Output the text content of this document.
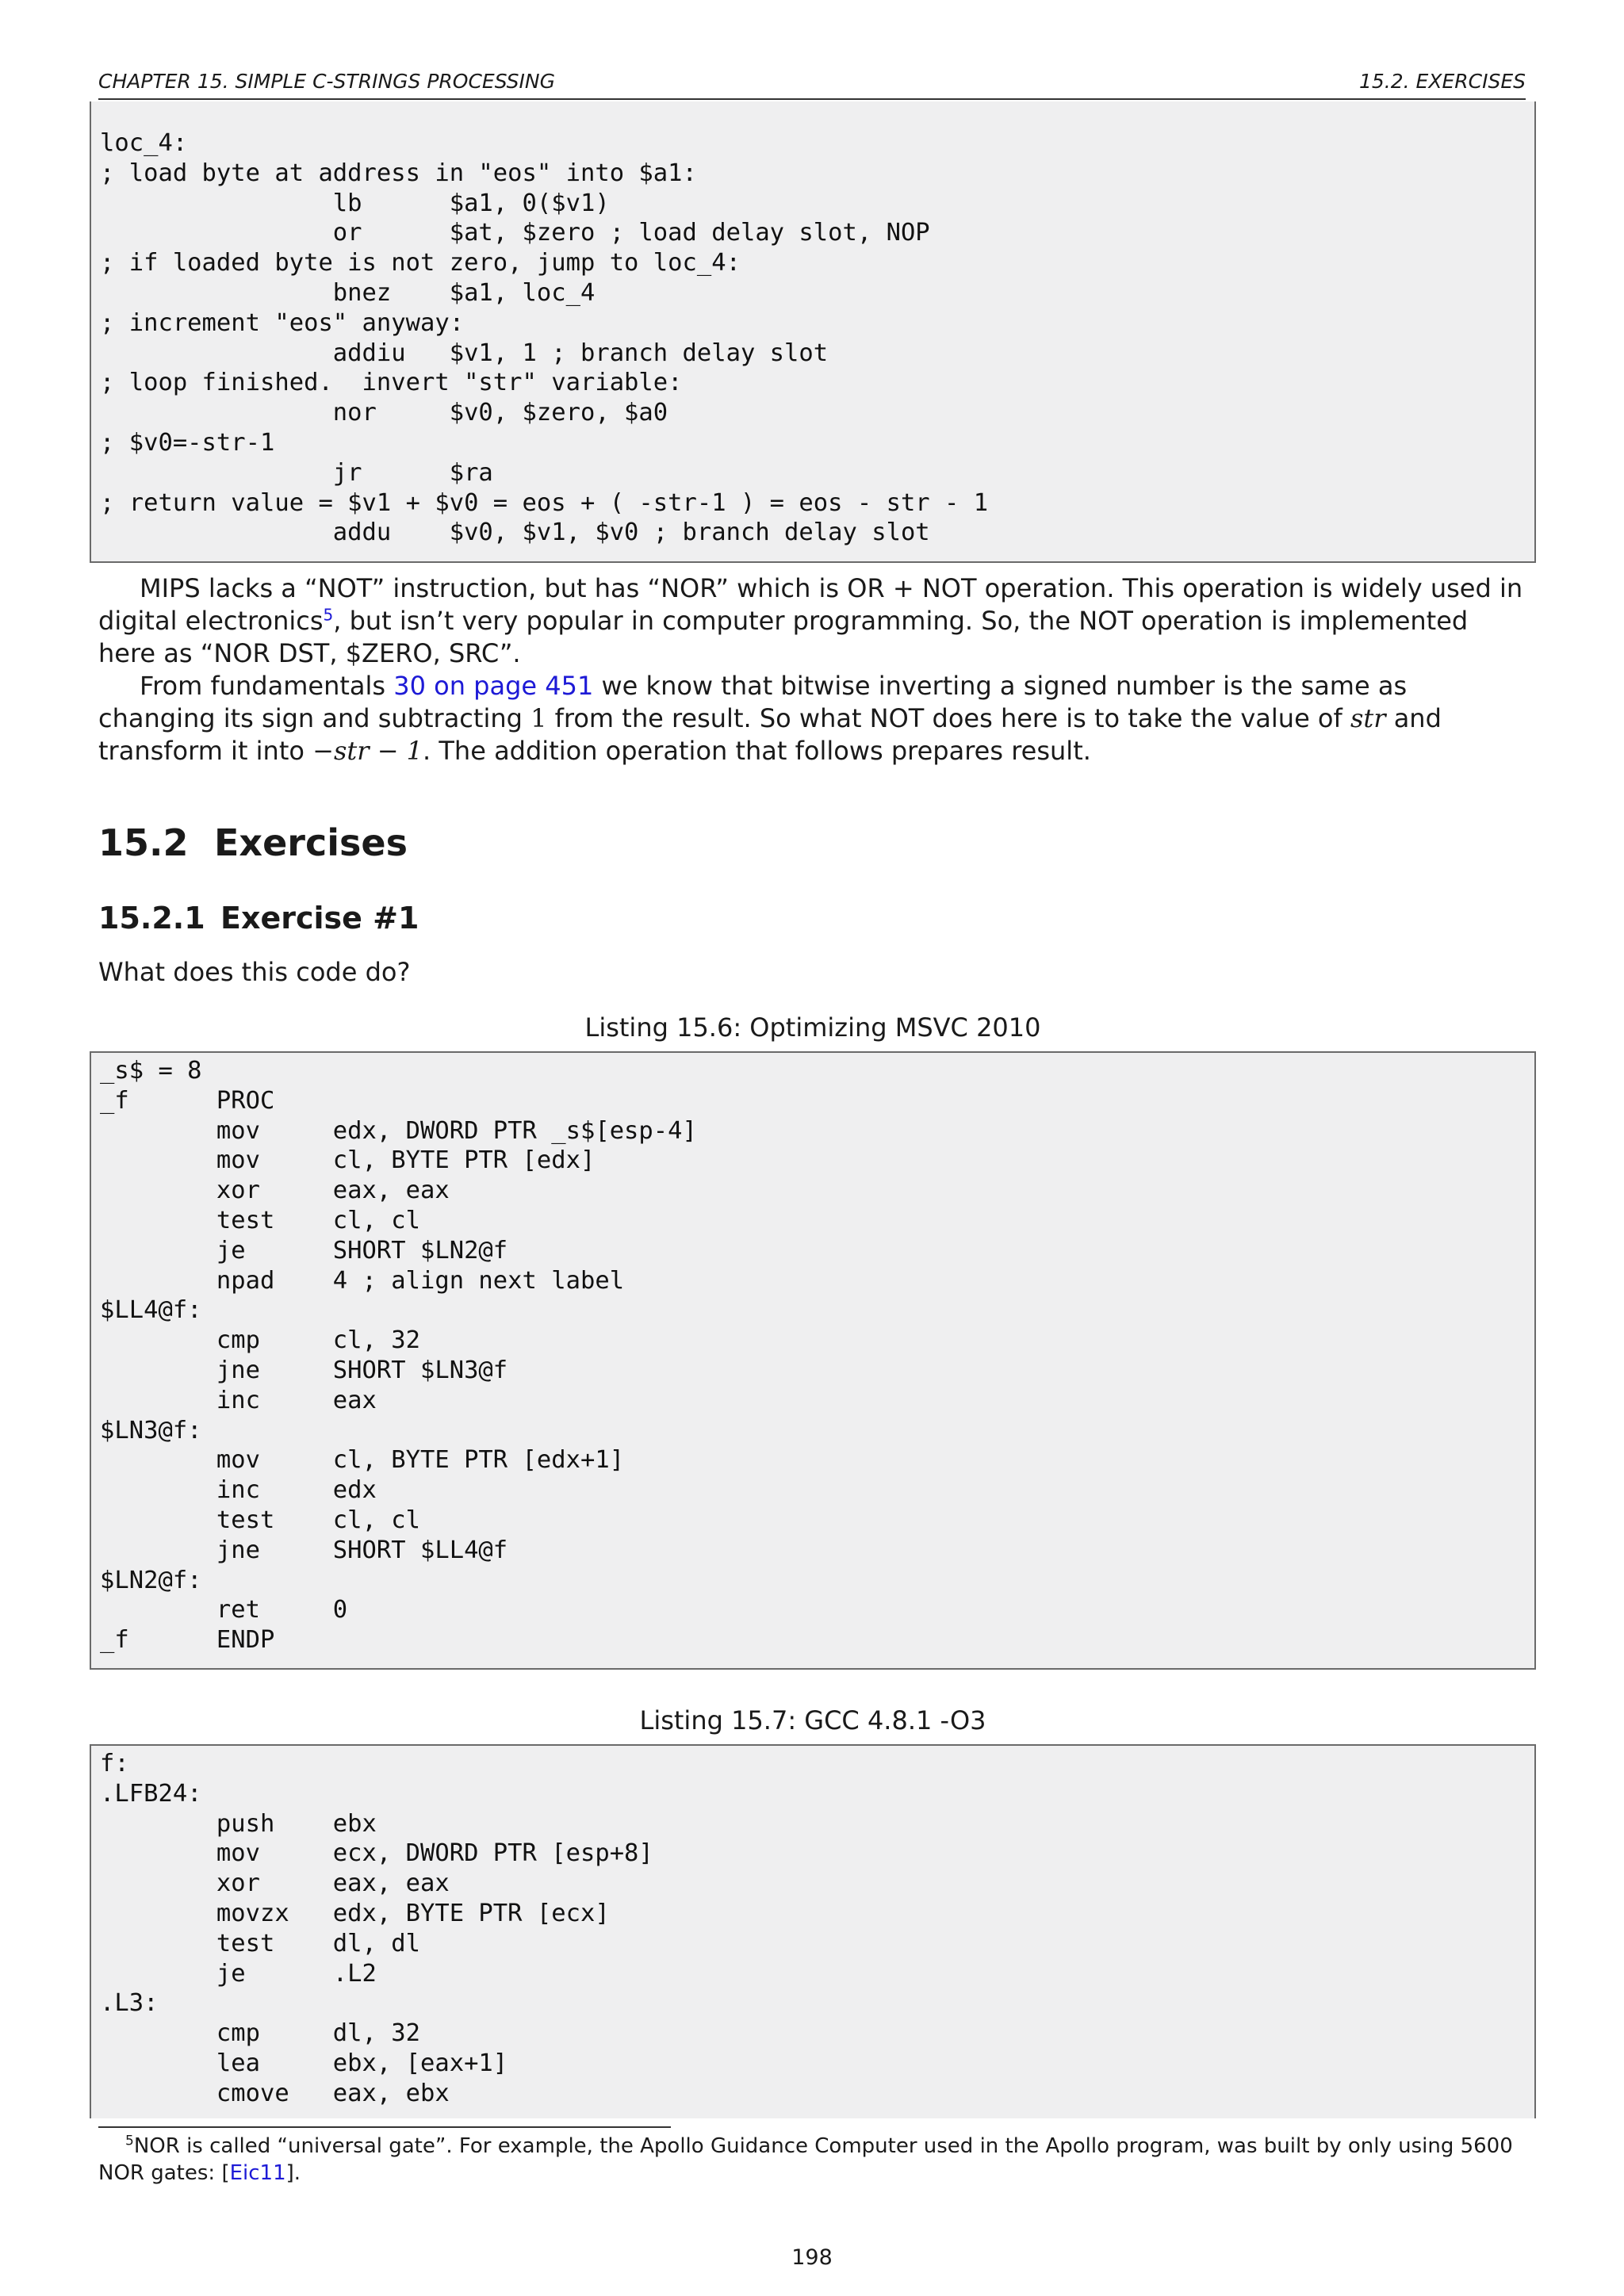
CHAPTER 15. SIMPLE C-STRINGS PROCESSING	15.2. EXERCISES
loc_4:
; load byte at address in "eos" into $a1:
lb      $a1, 0($v1)
or      $at, $zero ; load delay slot, NOP
; if loaded byte is not zero, jump to loc_4:
bnez    $a1, loc_4
; increment "eos" anyway:
addiu   $v1, 1 ; branch delay slot
; loop finished.  invert "str" variable:
nor     $v0, $zero, $a0
; $v0=-str-1
jr      $ra
; return value = $v1 + $v0 = eos + ( -str-1 ) = eos - str - 1
addu    $v0, $v1, $v0 ; branch delay slot
MIPS lacks a “NOT” instruction, but has “NOR” which is OR + NOT operation. This operation is widely used in digital electronics$^5$, but isn’t very popular in computer programming. So, the NOT operation is implemented here as “NOR DST, $ZERO, SRC”.
From fundamentals 30 on page 451 we know that bitwise inverting a signed number is the same as changing its sign and subtracting 1 from the result. So what NOT does here is to take the value of str and transform it into −str − 1. The addition operation that follows prepares result.
15.2 Exercises
15.2.1 Exercise #1
What does this code do?
Listing 15.6: Optimizing MSVC 2010
_s$ = 8
_f      PROC
mov     edx, DWORD PTR _s$[esp-4]
mov     cl, BYTE PTR [edx]
xor     eax, eax
test    cl, cl
je      SHORT $LN2@f
npad    4 ; align next label
$LL4@f:
cmp     cl, 32
jne     SHORT $LN3@f
inc     eax
$LN3@f:
mov     cl, BYTE PTR [edx+1]
inc     edx
test    cl, cl
jne     SHORT $LL4@f
$LN2@f:
ret     0
_f      ENDP
Listing 15.7: GCC 4.8.1 -O3
f:
.LFB24:
push    ebx
mov     ecx, DWORD PTR [esp+8]
xor     eax, eax
movzx   edx, BYTE PTR [ecx]
test    dl, dl
je      .L2
.L3:
cmp     dl, 32
lea     ebx, [eax+1]
cmove   eax, ebx
$^5$NOR is called “universal gate”. For example, the Apollo Guidance Computer used in the Apollo program, was built by only using 5600 NOR gates: [Eic11].
198
